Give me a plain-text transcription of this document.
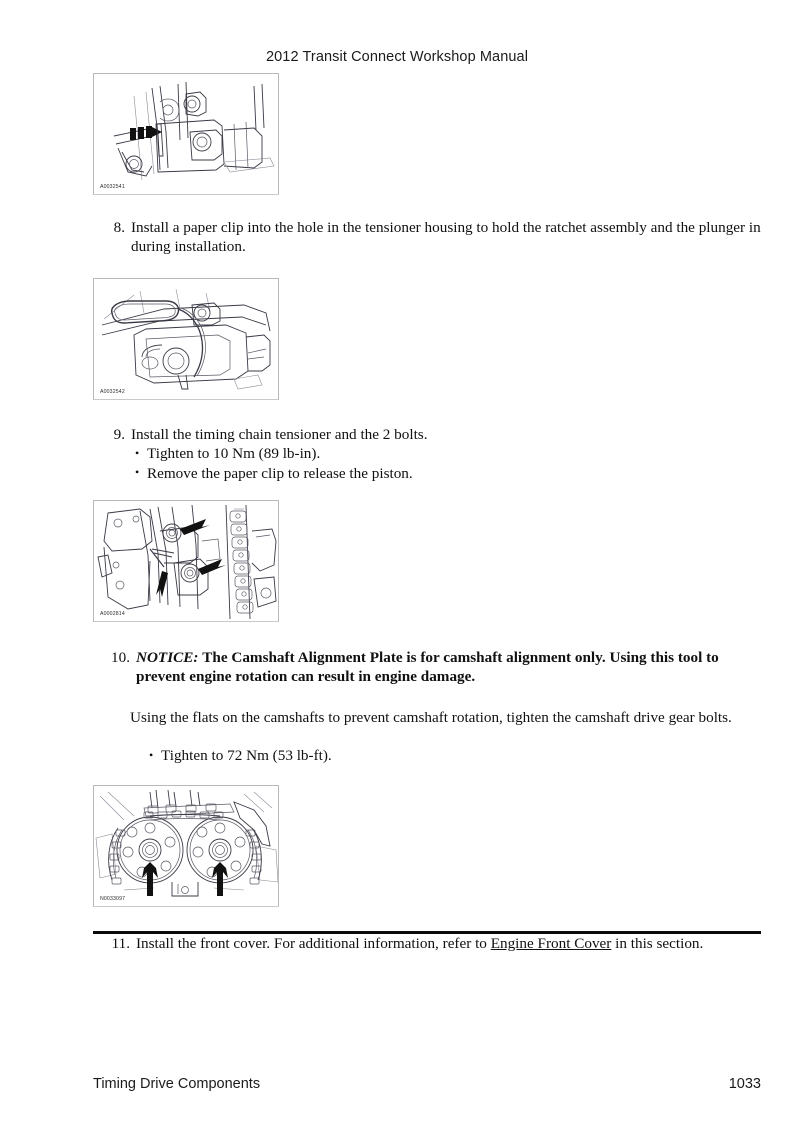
2012 Transit Connect Workshop Manual
A0032541
8. Install a paper clip into the hole in the tensioner housing to hold the ratchet assembly and the plunger in during installation.
A0032542
9. Install the timing chain tensioner and the 2 bolts.
• Tighten to 10 Nm (89 lb-in).
• Remove the paper clip to release the piston.
A0002814
10. NOTICE: The Camshaft Alignment Plate is for camshaft alignment only. Using this tool to prevent engine rotation can result in engine damage.
Using the flats on the camshafts to prevent camshaft rotation, tighten the camshaft drive gear bolts.
• Tighten to 72 Nm (53 lb-ft).
N0033097
11. Install the front cover. For additional information, refer to Engine Front Cover in this section.
Timing Drive Components	1033
